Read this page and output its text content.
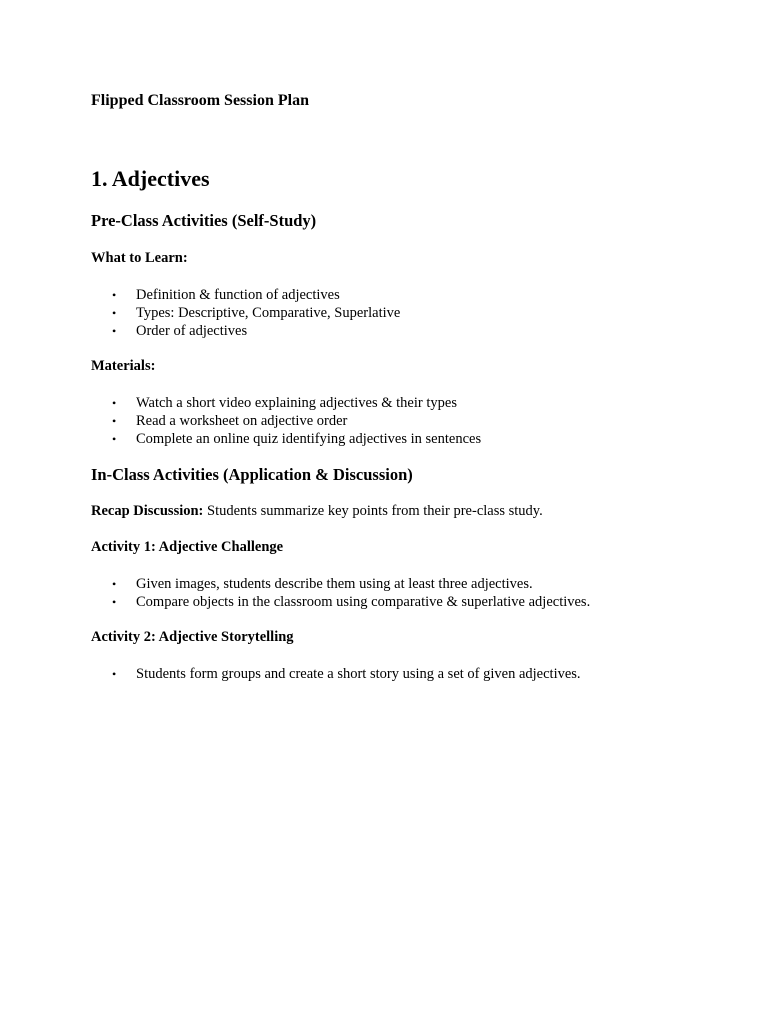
Flipped Classroom Session Plan

1. Adjectives
Pre-Class Activities (Self-Study)

What to Learn:

• Definition & function of adjectives
• Types: Descriptive, Comparative, Superlative
• Order of adjectives

Materials:

• Watch a short video explaining adjectives & their types
• Read a worksheet on adjective order
• Complete an online quiz identifying adjectives in sentences
In-Class Activities (Application & Discussion)

Recap Discussion: Students summarize key points from their pre-class study.

Activity 1: Adjective Challenge

• Given images, students describe them using at least three adjectives.
• Compare objects in the classroom using comparative & superlative adjectives.

Activity 2: Adjective Storytelling

• Students form groups and create a short story using a set of given adjectives.
